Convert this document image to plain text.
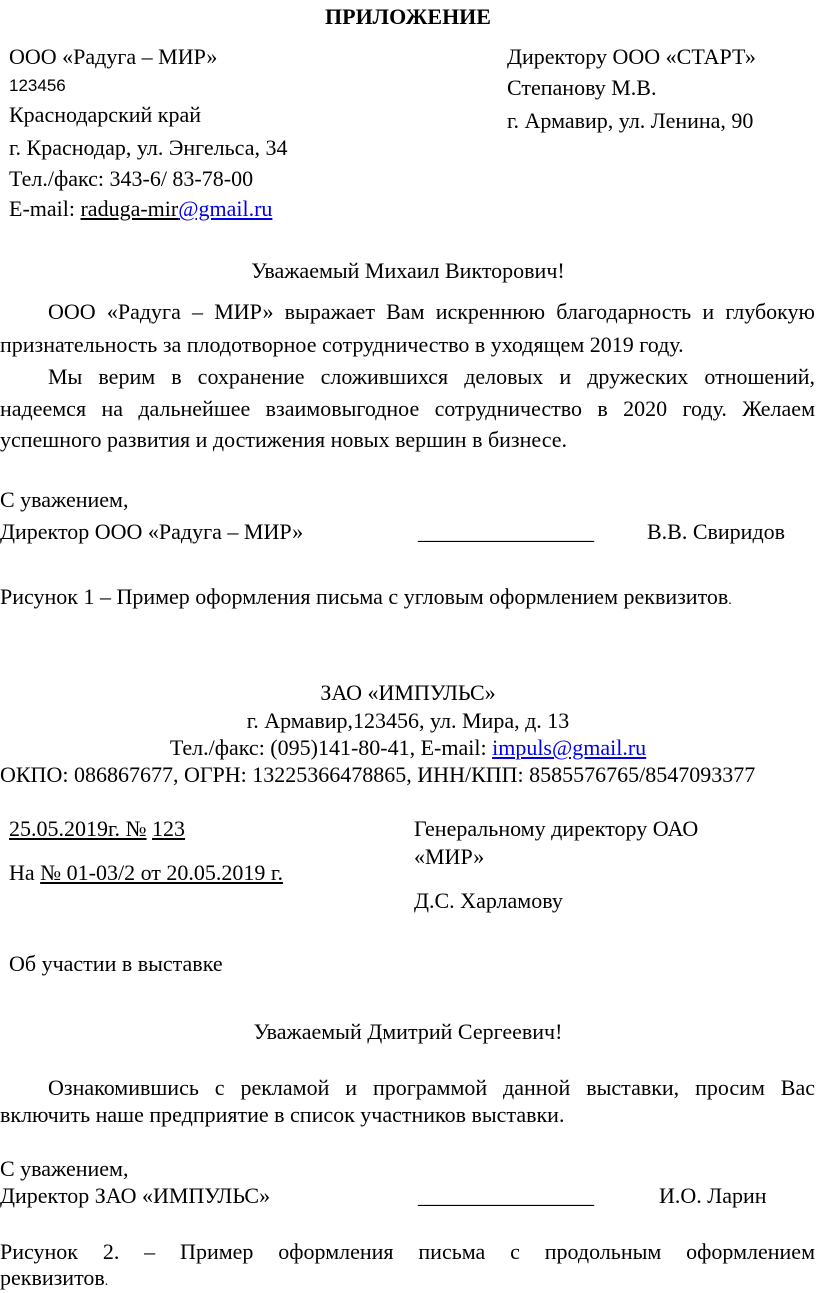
ПРИЛОЖЕНИЕ
ООО «Радуга – МИР»
123456
Краснодарский край
г. Краснодар, ул. Энгельса, 34
Тел./факс: 343-6/ 83-78-00
E-mail: raduga-mir@gmail.ru
Директору ООО «СТАРТ»
Степанову М.В.
г. Армавир, ул. Ленина, 90
Уважаемый Михаил Викторович!
ООО «Радуга – МИР» выражает Вам искреннюю благодарность и глубокую
признательность за плодотворное сотрудничество в уходящем 2019 году.
Мы верим в сохранение сложившихся деловых и дружеских отношений,
надеемся на дальнейшее взаимовыгодное сотрудничество в 2020 году. Желаем
успешного развития и достижения новых вершин в бизнесе.
С уважением,
Директор ООО «Радуга – МИР»	________________ В.В. Свиридов
Рисунок 1 – Пример оформления письма с угловым оформлением реквизитов.
ЗАО «ИМПУЛЬС»
г. Армавир,123456, ул. Мира, д. 13
Тел./факс: (095)141-80-41, E-mail: impuls@gmail.ru
ОКПО: 086867677, ОГРН: 13225366478865, ИНН/КПП: 8585576765/8547093377
25.05.2019г. № 123
На № 01-03/2 от 20.05.2019 г.
Генеральному директору ОАО
«МИР»
Д.С. Харламову
Об участии в выставке
Уважаемый Дмитрий Сергеевич!
Ознакомившись с рекламой и программой данной выставки, просим Вас
включить наше предприятие в список участников выставки.
С уважением,
Директор ЗАО «ИМПУЛЬС»	________________	И.О. Ларин
Рисунок 2. – Пример оформления письма с продольным оформлением
реквизитов.
